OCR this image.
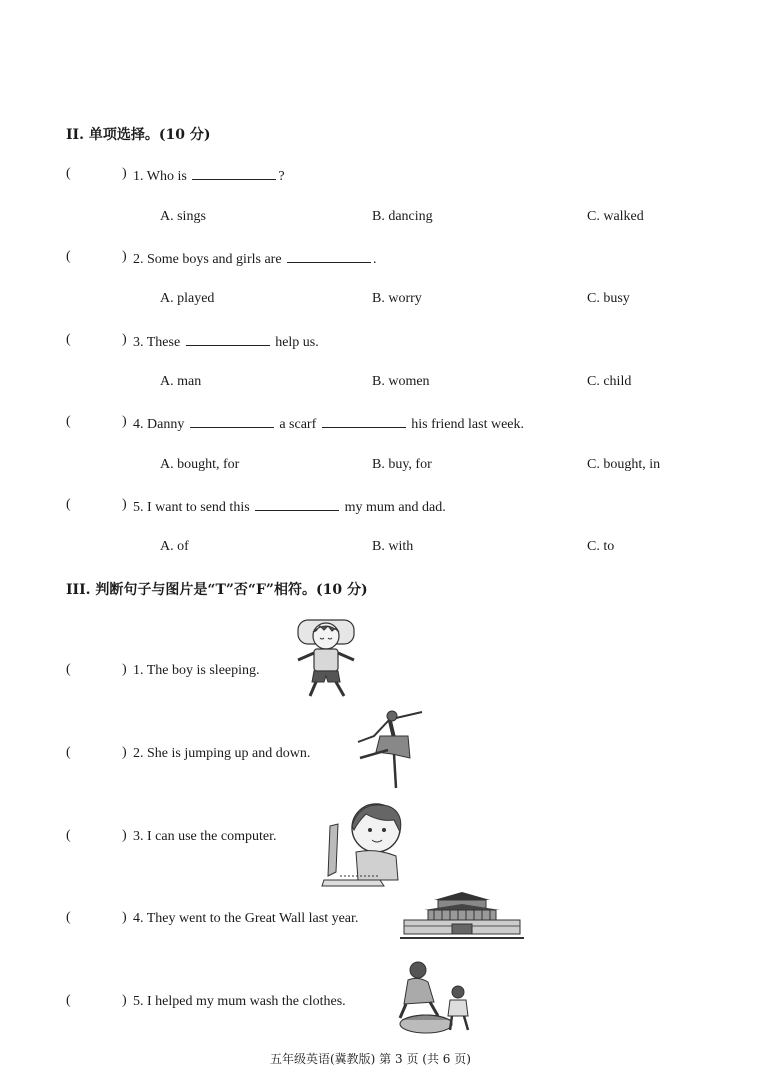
II. 单项选择。(10 分)
(	) 1. Who is	?
A. sings	B. dancing	C. walked
(	) 2. Some boys and girls are	.
A. played	B. worry	C. busy
(	) 3. These	help us.
A. man	B. women	C. child
(	) 4. Danny	a scarf	his friend last week.
A. bought, for	B. buy, for	C. bought, in
(	) 5. I want to send this	my mum and dad.
A. of	B. with	C. to
III. 判断句子与图片是“T”否“F”相符。(10 分)
(	) 1. The boy is sleeping.
(	) 2. She is jumping up and down.
(	) 3. I can use the computer.
(	) 4. They went to the Great Wall last year.
(	) 5. I helped my mum wash the clothes.
五年级英语(冀教版) 第 3 页 (共 6 页)
